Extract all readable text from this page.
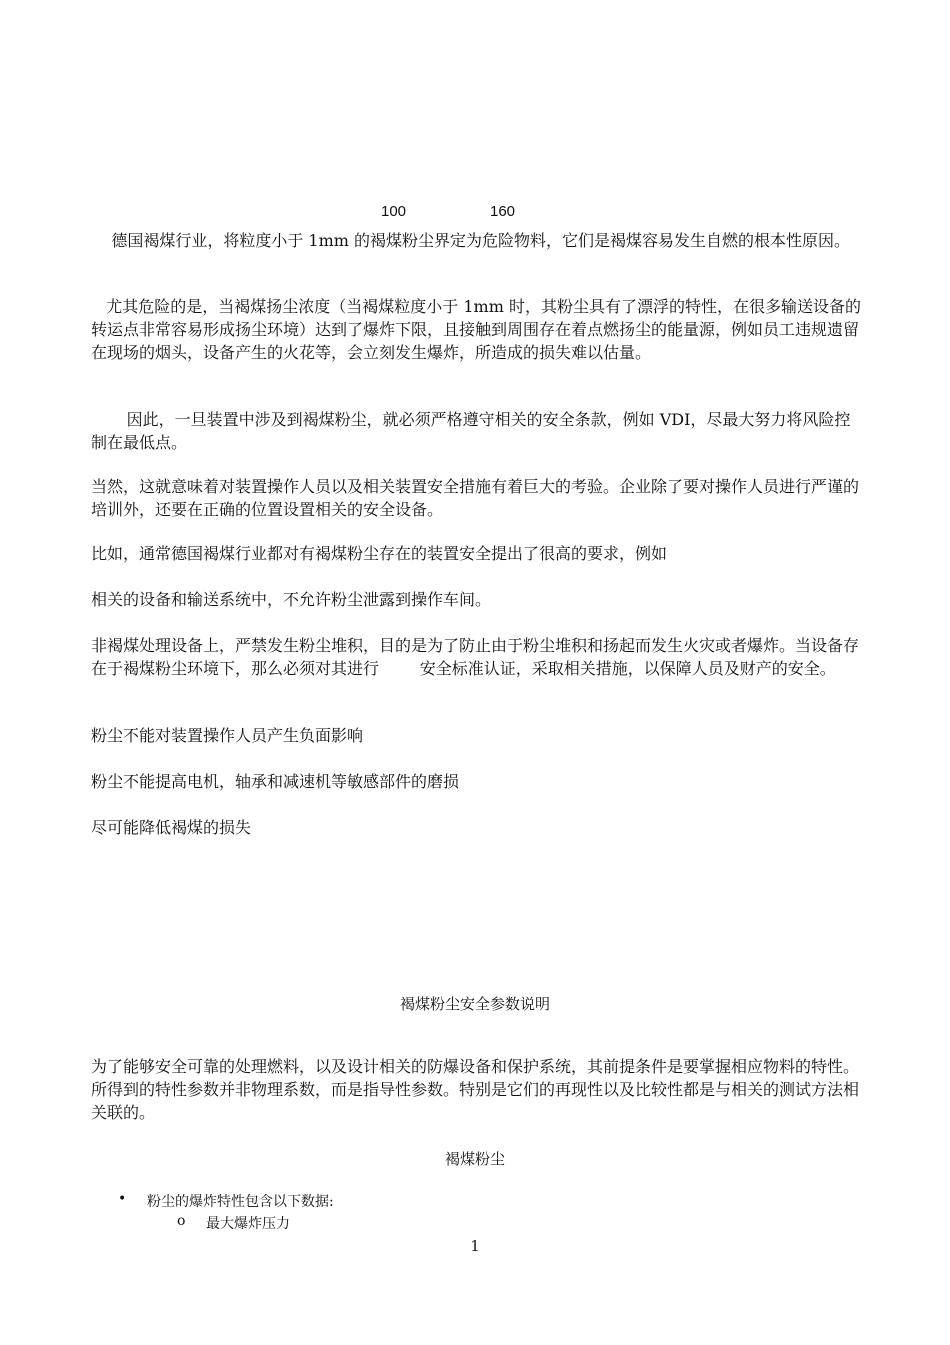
100	160

德国褐煤行业，将粒度小于 1mm 的褐煤粉尘界定为危险物料，它们是褐煤容易发生自燃的根本性原因。

尤其危险的是，当褐煤扬尘浓度（当褐煤粒度小于 1mm 时，其粉尘具有了漂浮的特性，在很多输送设备的转运点非常容易形成扬尘环境）达到了爆炸下限，且接触到周围存在着点燃扬尘的能量源，例如员工违规遗留在现场的烟头，设备产生的火花等，会立刻发生爆炸，所造成的损失难以估量。

因此，一旦装置中涉及到褐煤粉尘，就必须严格遵守相关的安全条款，例如 VDI，尽最大努力将风险控制在最低点。

当然，这就意味着对装置操作人员以及相关装置安全措施有着巨大的考验。企业除了要对操作人员进行严谨的培训外，还要在正确的位置设置相关的安全设备。

比如，通常德国褐煤行业都对有褐煤粉尘存在的装置安全提出了很高的要求，例如

相关的设备和输送系统中，不允许粉尘泄露到操作车间。

非褐煤处理设备上，严禁发生粉尘堆积，目的是为了防止由于粉尘堆积和扬起而发生火灾或者爆炸。当设备存在于褐煤粉尘环境下，那么必须对其进行        安全标准认证，采取相关措施，以保障人员及财产的安全。

粉尘不能对装置操作人员产生负面影响

粉尘不能提高电机，轴承和减速机等敏感部件的磨损

尽可能降低褐煤的损失

褐煤粉尘安全参数说明

为了能够安全可靠的处理燃料，以及设计相关的防爆设备和保护系统，其前提条件是要掌握相应物料的特性。所得到的特性参数并非物理系数，而是指导性参数。特别是它们的再现性以及比较性都是与相关的测试方法相关联的。

褐煤粉尘

• 粉尘的爆炸特性包含以下数据:
o 最大爆炸压力
1
